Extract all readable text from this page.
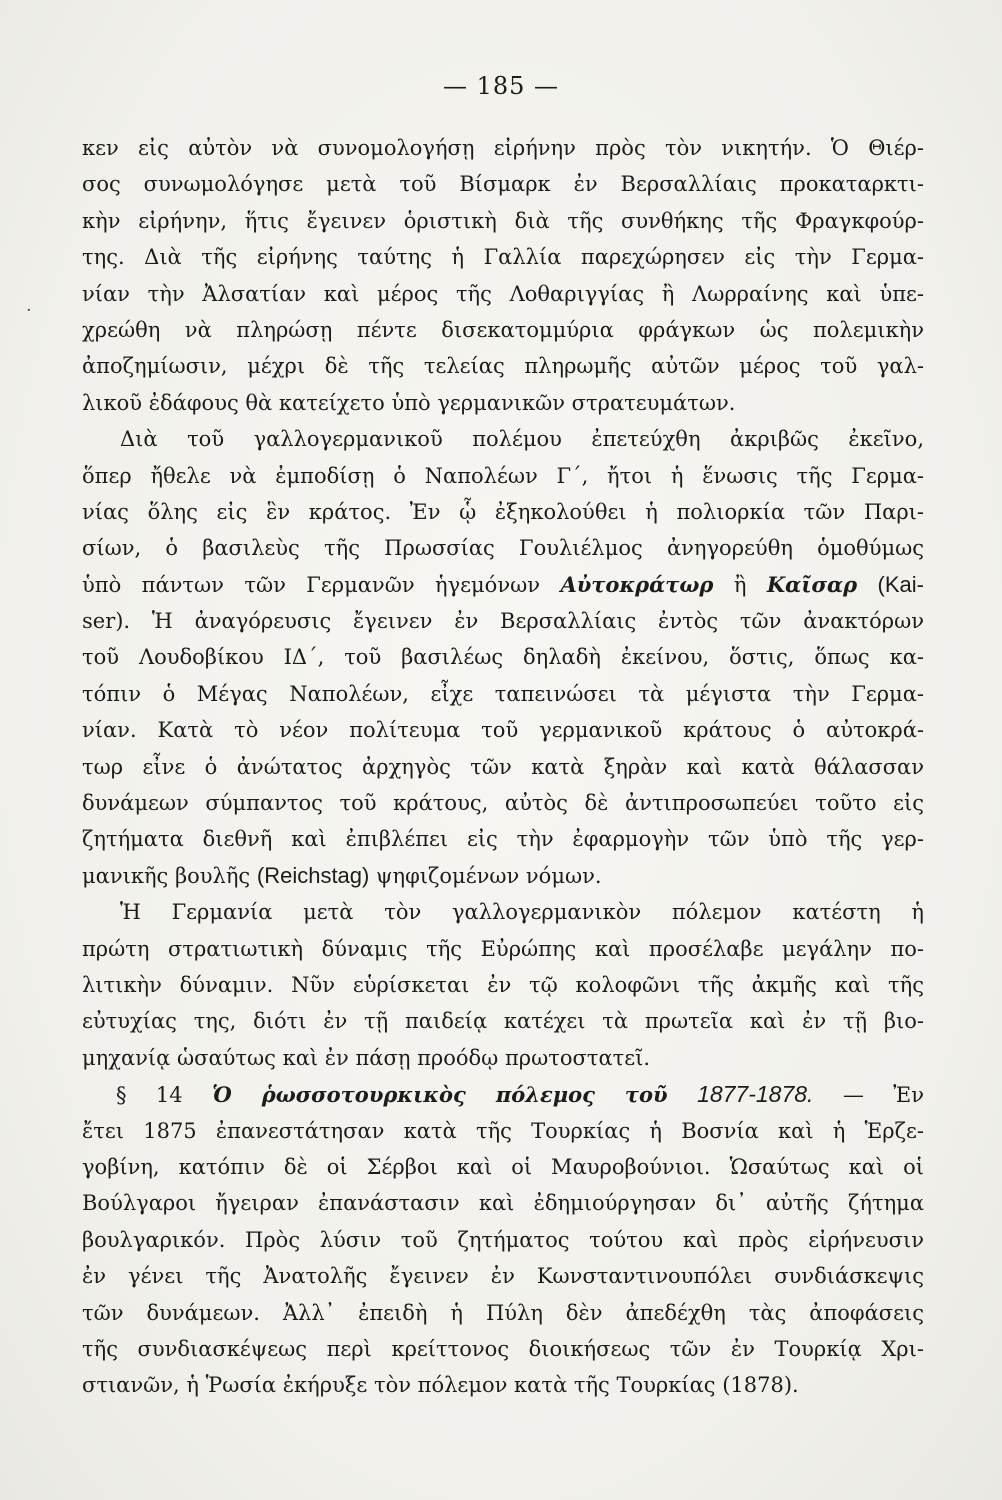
— 185 —
κεν εἰς αὐτὸν νὰ συνομολογήσῃ εἰρήνην πρὸς τὸν νικητήν. Ὁ Θιέρ-
σος συνωμολόγησε μετὰ τοῦ Βίσμαρκ ἐν Βερσαλλίαις προκαταρκτι-
κὴν εἰρήνην, ἥτις ἔγεινεν ὁριστικὴ διὰ τῆς συνθήκης τῆς Φραγκφούρ-
της. Διὰ τῆς εἰρήνης ταύτης ἡ Γαλλία παρεχώρησεν εἰς τὴν Γερμα-
νίαν τὴν Ἀλσατίαν καὶ μέρος τῆς Λοθαριγγίας ἢ Λωρραίνης καὶ ὑπε-
χρεώθη νὰ πληρώσῃ πέντε δισεκατομμύρια φράγκων ὡς πολεμικὴν
ἀποζημίωσιν, μέχρι δὲ τῆς τελείας πληρωμῆς αὐτῶν μέρος τοῦ γαλ-
λικοῦ ἐδάφους θὰ κατείχετο ὑπὸ γερμανικῶν στρατευμάτων.
Διὰ τοῦ γαλλογερμανικοῦ πολέμου ἐπετεύχθη ἀκριβῶς ἐκεῖνο,
ὅπερ ἤθελε νὰ ἐμποδίσῃ ὁ Ναπολέων Γ΄, ἤτοι ἡ ἕνωσις τῆς Γερμα-
νίας ὅλης εἰς ἓν κράτος. Ἐν ᾧ ἐξηκολούθει ἡ πολιορκία τῶν Παρι-
σίων, ὁ βασιλεὺς τῆς Πρωσσίας Γουλιέλμος ἀνηγορεύθη ὁμοθύμως
ὑπὸ πάντων τῶν Γερμανῶν ἡγεμόνων Αὐτοκράτωρ ἢ Καῖσαρ (Kai-
ser). Ἡ ἀναγόρευσις ἔγεινεν ἐν Βερσαλλίαις ἐντὸς τῶν ἀνακτόρων
τοῦ Λουδοβίκου ΙΔ΄, τοῦ βασιλέως δηλαδὴ ἐκείνου, ὅστις, ὅπως κα-
τόπιν ὁ Μέγας Ναπολέων, εἶχε ταπεινώσει τὰ μέγιστα τὴν Γερμα-
νίαν. Κατὰ τὸ νέον πολίτευμα τοῦ γερμανικοῦ κράτους ὁ αὐτοκρά-
τωρ εἶνε ὁ ἀνώτατος ἀρχηγὸς τῶν κατὰ ξηρὰν καὶ κατὰ θάλασσαν
δυνάμεων σύμπαντος τοῦ κράτους, αὐτὸς δὲ ἀντιπροσωπεύει τοῦτο εἰς
ζητήματα διεθνῆ καὶ ἐπιβλέπει εἰς τὴν ἐφαρμογὴν τῶν ὑπὸ τῆς γερ-
μανικῆς βουλῆς (Reichstag) ψηφιζομένων νόμων.
Ἡ Γερμανία μετὰ τὸν γαλλογερμανικὸν πόλεμον κατέστη ἡ
πρώτη στρατιωτικὴ δύναμις τῆς Εὐρώπης καὶ προσέλαβε μεγάλην πο-
λιτικὴν δύναμιν. Νῦν εὑρίσκεται ἐν τῷ κολοφῶνι τῆς ἀκμῆς καὶ τῆς
εὐτυχίας της, διότι ἐν τῇ παιδείᾳ κατέχει τὰ πρωτεῖα καὶ ἐν τῇ βιο-
μηχανίᾳ ὡσαύτως καὶ ἐν πάσῃ προόδῳ πρωτοστατεῖ.
§ 14 Ὁ ῥωσσοτουρκικὸς πόλεμος τοῦ 1877-1878. — Ἐν
ἔτει 1875 ἐπανεστάτησαν κατὰ τῆς Τουρκίας ἡ Βοσνία καὶ ἡ Ἑρζε-
γοβίνη, κατόπιν δὲ οἱ Σέρβοι καὶ οἱ Μαυροβούνιοι. Ὡσαύτως καὶ οἱ
Βούλγαροι ἤγειραν ἐπανάστασιν καὶ ἐδημιούργησαν δι᾿ αὐτῆς ζήτημα
βουλγαρικόν. Πρὸς λύσιν τοῦ ζητήματος τούτου καὶ πρὸς εἰρήνευσιν
ἐν γένει τῆς Ἀνατολῆς ἔγεινεν ἐν Κωνσταντινουπόλει συνδιάσκεψις
τῶν δυνάμεων. Ἀλλ᾿ ἐπειδὴ ἡ Πύλη δὲν ἀπεδέχθη τὰς ἀποφάσεις
τῆς συνδιασκέψεως περὶ κρείττονος διοικήσεως τῶν ἐν Τουρκίᾳ Χρι-
στιανῶν, ἡ Ῥωσία ἐκήρυξε τὸν πόλεμον κατὰ τῆς Τουρκίας (1878).
·
